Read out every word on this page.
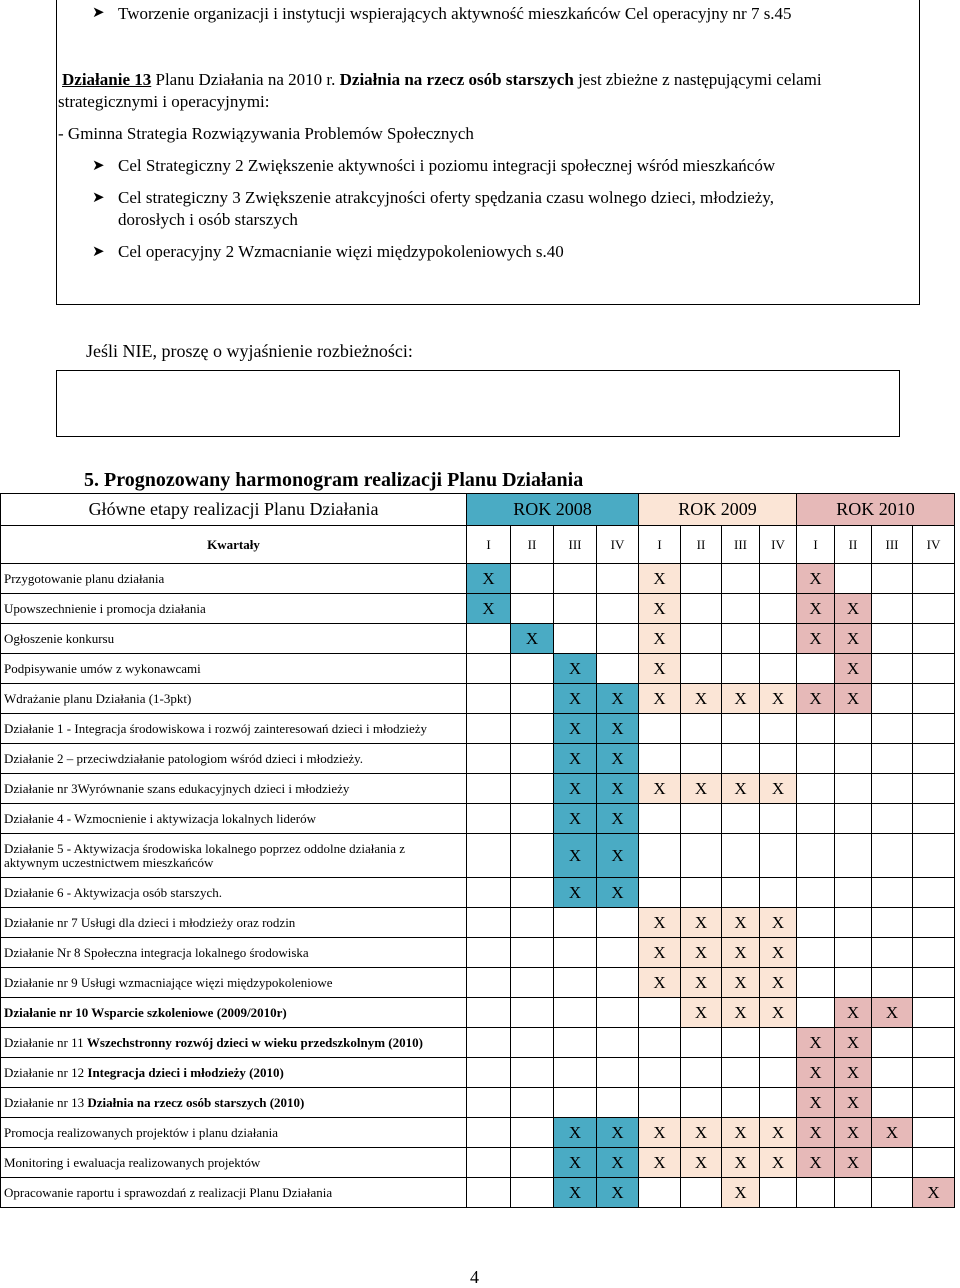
➤ Tworzenie organizacji i instytucji wspierających aktywność mieszkańców Cel operacyjny nr 7 s.45
Działanie 13 Planu Działania na 2010 r. Działnia na rzecz osób starszych jest zbieżne z następującymi celami
strategicznymi i operacyjnymi:
- Gminna Strategia Rozwiązywania Problemów Społecznych
➤ Cel Strategiczny 2 Zwiększenie aktywności i poziomu integracji społecznej wśród mieszkańców
➤ Cel strategiczny 3 Zwiększenie atrakcyjności oferty spędzania czasu wolnego dzieci, młodzieży,
dorosłych i osób starszych
➤ Cel operacyjny 2 Wzmacnianie więzi międzypokoleniowych s.40
Jeśli NIE, proszę o wyjaśnienie rozbieżności:
5. Prognozowany harmonogram realizacji Planu Działania
Główne etapy realizacji Planu Działania	ROK 2008				ROK 2009				ROK 2010			
Kwartały	I	II	III	IV	I	II	III	IV	I	II	III	IV
Przygotowanie planu działania	X				X				X			
Upowszechnienie i promocja działania	X				X				X	X		
Ogłoszenie konkursu		X			X				X	X		
Podpisywanie umów z wykonawcami			X		X					X		
Wdrażanie planu Działania (1-3pkt)			X	X	X	X	X	X	X	X		
Działanie 1 - Integracja środowiskowa i rozwój zainteresowań dzieci i młodzieży			X	X								
Działanie 2 – przeciwdziałanie patologiom wśród dzieci i młodzieży.			X	X								
Działanie nr 3Wyrównanie szans edukacyjnych dzieci i młodzieży			X	X	X	X	X	X				
Działanie 4 - Wzmocnienie i aktywizacja lokalnych liderów			X	X								
Działanie 5 - Aktywizacja środowiska lokalnego poprzez oddolne działania z aktywnym uczestnictwem mieszkańców			X	X								
Działanie 6 - Aktywizacja osób starszych.			X	X								
Działanie nr 7 Usługi dla dzieci i młodzieży oraz rodzin					X	X	X	X				
Działanie Nr 8 Społeczna integracja lokalnego środowiska					X	X	X	X				
Działanie nr 9 Usługi wzmacniające więzi międzypokoleniowe					X	X	X	X				
Działanie nr 10 Wsparcie szkoleniowe (2009/2010r)						X	X	X		X	X	
Działanie nr 11 Wszechstronny rozwój dzieci w wieku przedszkolnym (2010)									X	X		
Działanie nr 12 Integracja dzieci i młodzieży (2010)									X	X		
Działanie nr 13 Działnia na rzecz osób starszych (2010)									X	X		
Promocja realizowanych projektów i planu działania			X	X	X	X	X	X	X	X	X	
Monitoring i ewaluacja realizowanych projektów			X	X	X	X	X	X	X	X		
Opracowanie raportu i sprawozdań z realizacji Planu Działania			X	X			X					X
4
